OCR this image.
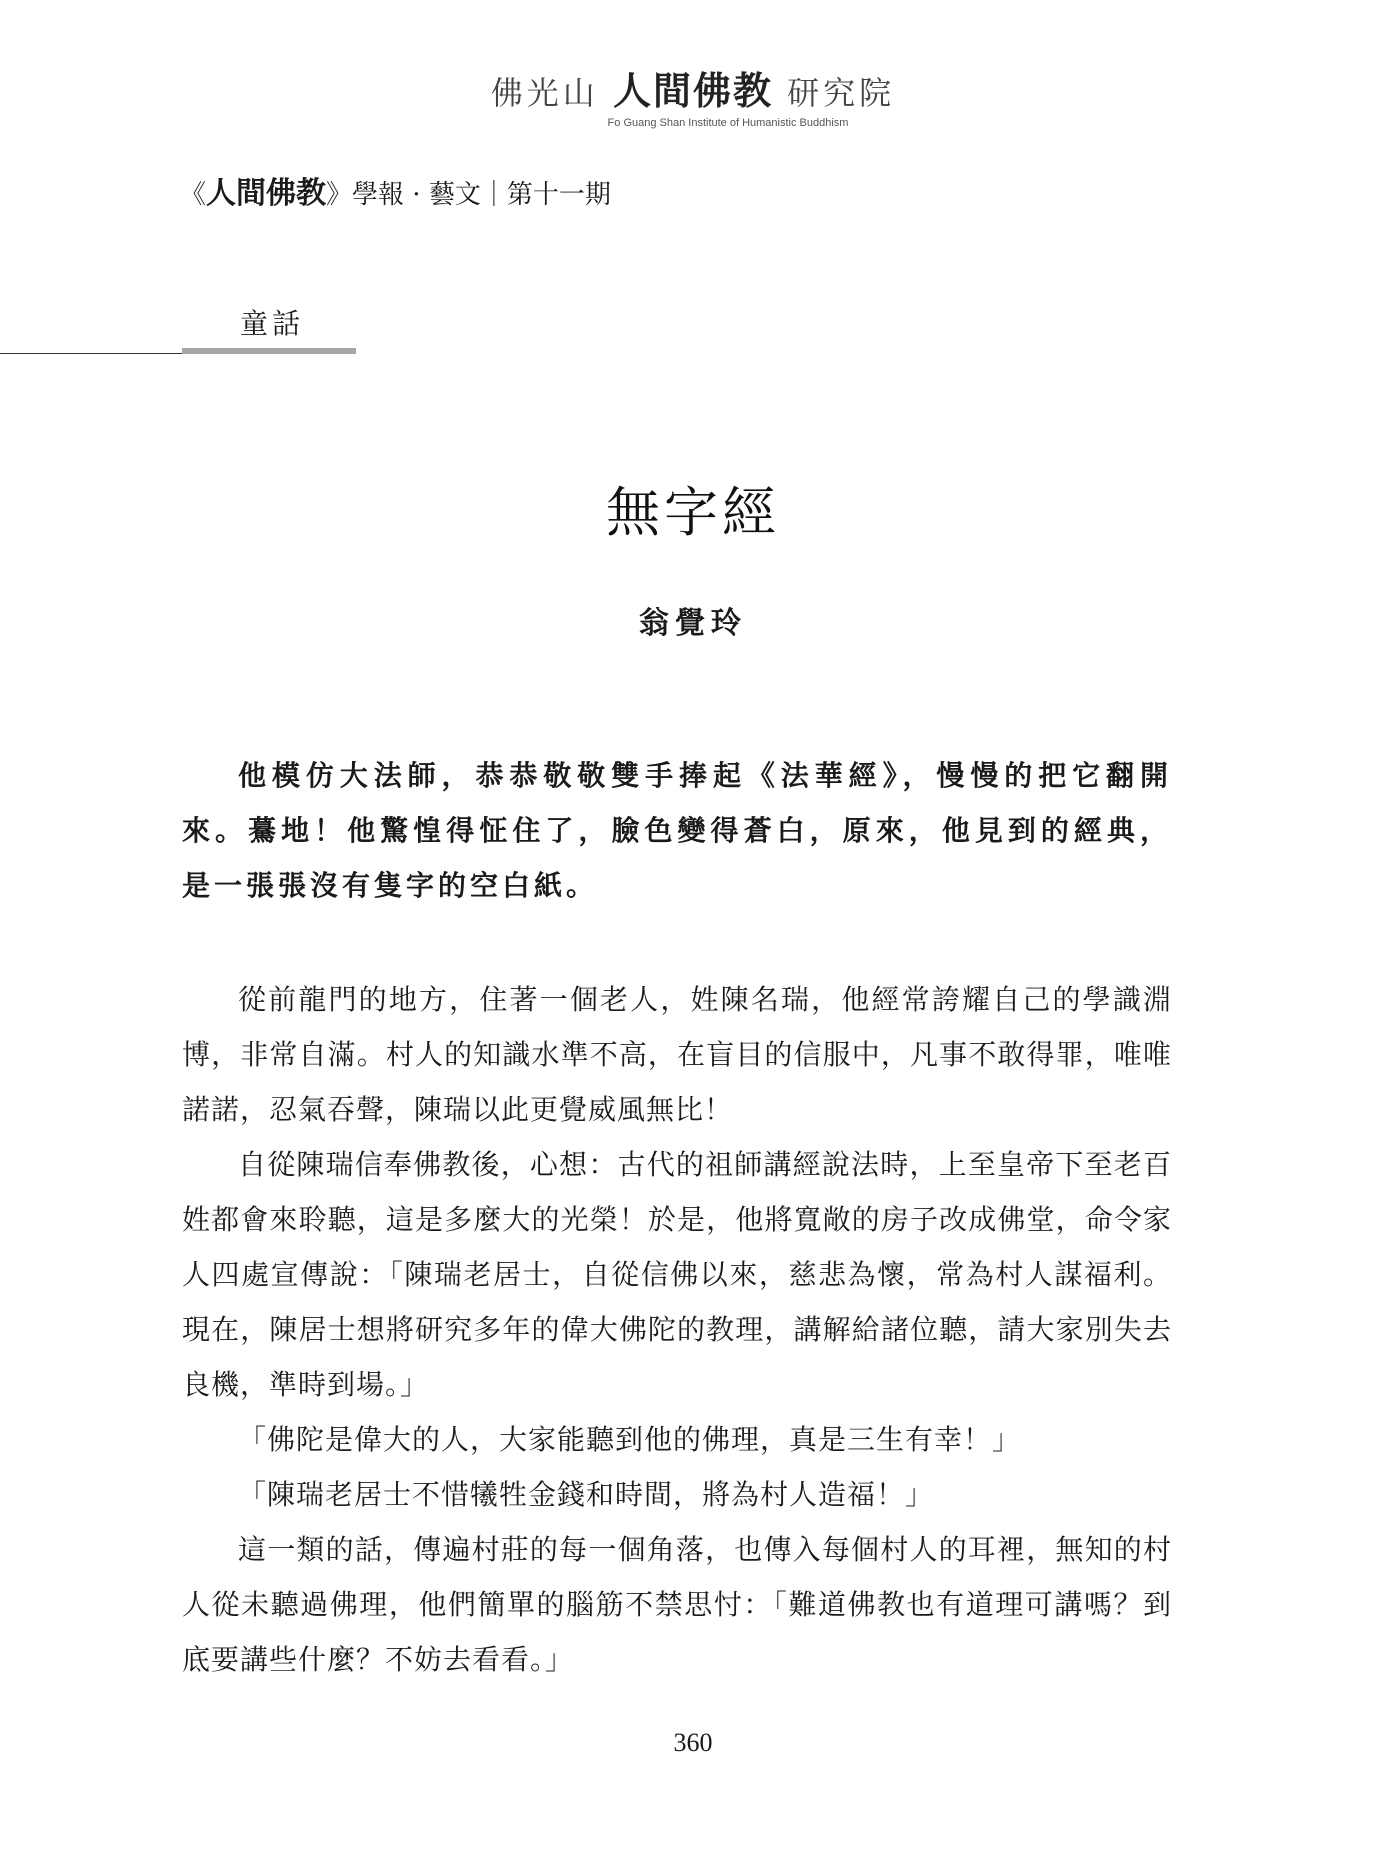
佛光山 人間佛教 研究院
Fo Guang Shan Institute of Humanistic Buddhism
《人間佛教》學報 · 藝文｜第十一期
童話
無字經
翁覺玲

他模仿大法師，恭恭敬敬雙手捧起《法華經》，慢慢的把它翻開來。驀地！他驚惶得怔住了，臉色變得蒼白，原來，他見到的經典，是一張張沒有隻字的空白紙。

從前龍門的地方，住著一個老人，姓陳名瑞，他經常誇耀自己的學識淵博，非常自滿。村人的知識水準不高，在盲目的信服中，凡事不敢得罪，唯唯諾諾，忍氣吞聲，陳瑞以此更覺威風無比！

自從陳瑞信奉佛教後，心想：古代的祖師講經說法時，上至皇帝下至老百姓都會來聆聽，這是多麼大的光榮！於是，他將寬敞的房子改成佛堂，命令家人四處宣傳說：「陳瑞老居士，自從信佛以來，慈悲為懷，常為村人謀福利。現在，陳居士想將研究多年的偉大佛陀的教理，講解給諸位聽，請大家別失去良機，準時到場。」

「佛陀是偉大的人，大家能聽到他的佛理，真是三生有幸！」

「陳瑞老居士不惜犧牲金錢和時間，將為村人造福！」

這一類的話，傳遍村莊的每一個角落，也傳入每個村人的耳裡，無知的村人從未聽過佛理，他們簡單的腦筋不禁思忖：「難道佛教也有道理可講嗎？到底要講些什麼？不妨去看看。」

360
